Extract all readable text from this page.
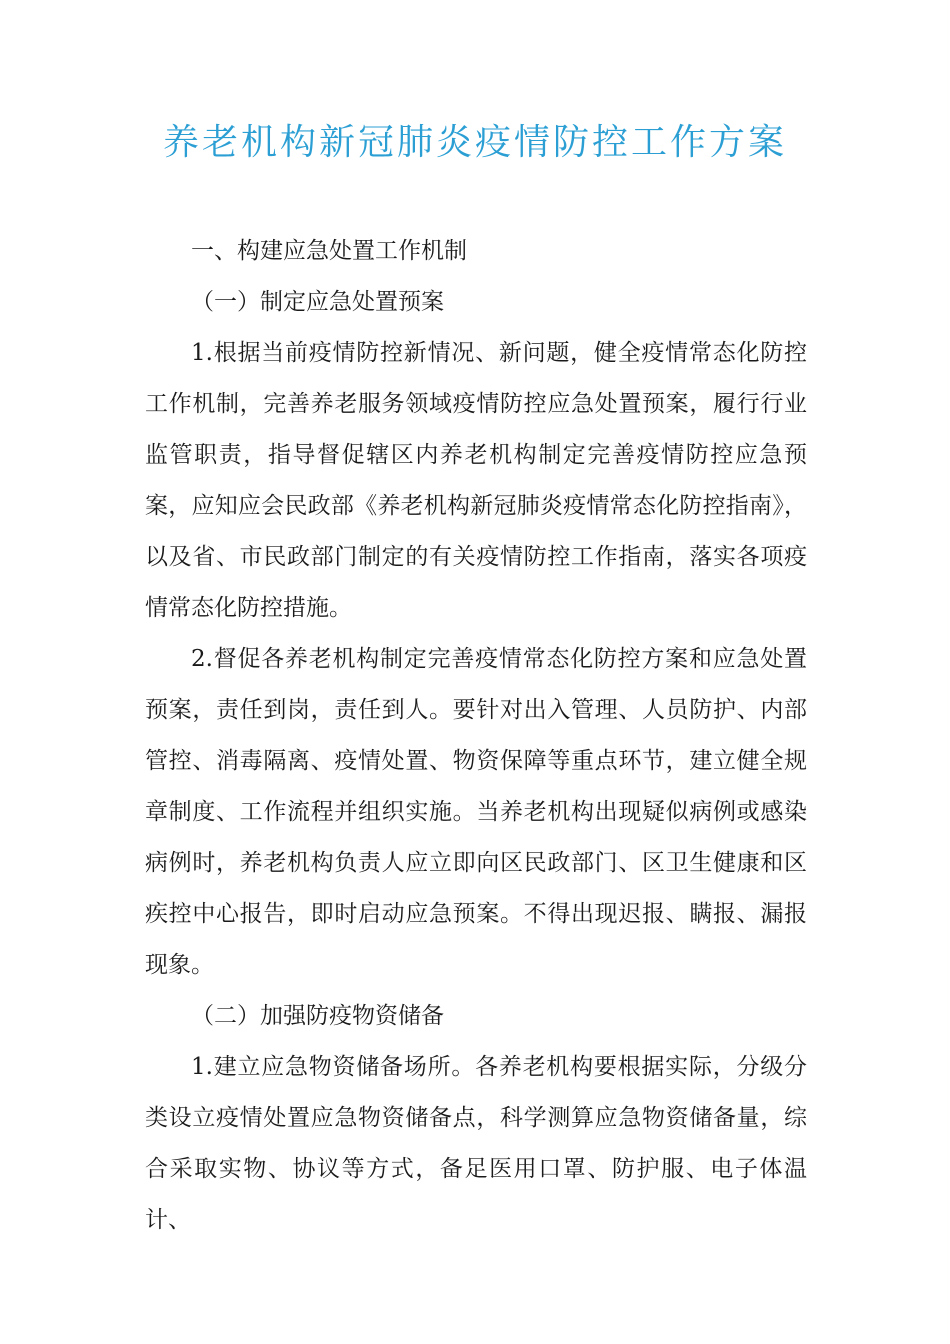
养老机构新冠肺炎疫情防控工作方案

一、构建应急处置工作机制

（一）制定应急处置预案

1.根据当前疫情防控新情况、新问题，健全疫情常态化防控工作机制，完善养老服务领域疫情防控应急处置预案，履行行业监管职责，指导督促辖区内养老机构制定完善疫情防控应急预案，应知应会民政部《养老机构新冠肺炎疫情常态化防控指南》，以及省、市民政部门制定的有关疫情防控工作指南，落实各项疫情常态化防控措施。

2.督促各养老机构制定完善疫情常态化防控方案和应急处置预案，责任到岗，责任到人。要针对出入管理、人员防护、内部管控、消毒隔离、疫情处置、物资保障等重点环节，建立健全规章制度、工作流程并组织实施。当养老机构出现疑似病例或感染病例时，养老机构负责人应立即向区民政部门、区卫生健康和区疾控中心报告，即时启动应急预案。不得出现迟报、瞒报、漏报现象。

（二）加强防疫物资储备

1.建立应急物资储备场所。各养老机构要根据实际，分级分类设立疫情处置应急物资储备点，科学测算应急物资储备量，综合采取实物、协议等方式，备足医用口罩、防护服、电子体温计、
